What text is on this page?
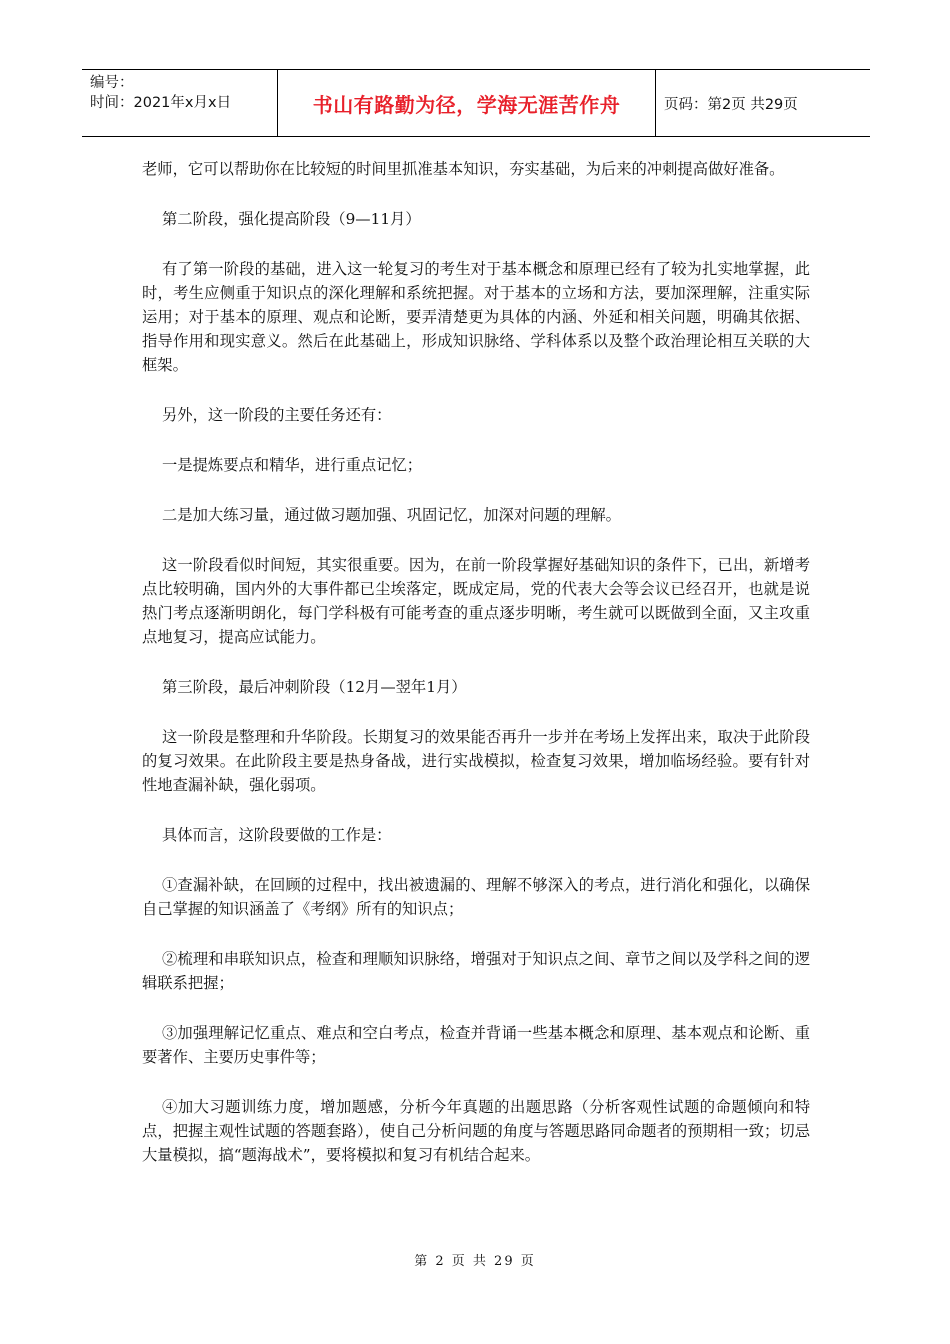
编号：
时间：2021年x月x日	书山有路勤为径，学海无涯苦作舟	页码：第2页 共29页

老师，它可以帮助你在比较短的时间里抓准基本知识，夯实基础，为后来的冲刺提高做好准备。

第二阶段，强化提高阶段（9—11月）

有了第一阶段的基础，进入这一轮复习的考生对于基本概念和原理已经有了较为扎实地掌握，此时，考生应侧重于知识点的深化理解和系统把握。对于基本的立场和方法，要加深理解，注重实际运用；对于基本的原理、观点和论断，要弄清楚更为具体的内涵、外延和相关问题，明确其依据、指导作用和现实意义。然后在此基础上，形成知识脉络、学科体系以及整个政治理论相互关联的大框架。

另外，这一阶段的主要任务还有：

一是提炼要点和精华，进行重点记忆；

二是加大练习量，通过做习题加强、巩固记忆，加深对问题的理解。

这一阶段看似时间短，其实很重要。因为，在前一阶段掌握好基础知识的条件下，已出，新增考点比较明确，国内外的大事件都已尘埃落定，既成定局，党的代表大会等会议已经召开，也就是说热门考点逐渐明朗化，每门学科极有可能考查的重点逐步明晰，考生就可以既做到全面，又主攻重点地复习，提高应试能力。

第三阶段，最后冲刺阶段（12月—翌年1月）

这一阶段是整理和升华阶段。长期复习的效果能否再升一步并在考场上发挥出来，取决于此阶段的复习效果。在此阶段主要是热身备战，进行实战模拟，检查复习效果，增加临场经验。要有针对性地查漏补缺，强化弱项。

具体而言，这阶段要做的工作是：

①查漏补缺，在回顾的过程中，找出被遗漏的、理解不够深入的考点，进行消化和强化，以确保自己掌握的知识涵盖了《考纲》所有的知识点；

②梳理和串联知识点，检查和理顺知识脉络，增强对于知识点之间、章节之间以及学科之间的逻辑联系把握；

③加强理解记忆重点、难点和空白考点，检查并背诵一些基本概念和原理、基本观点和论断、重要著作、主要历史事件等；

④加大习题训练力度，增加题感，分析今年真题的出题思路（分析客观性试题的命题倾向和特点，把握主观性试题的答题套路），使自己分析问题的角度与答题思路同命题者的预期相一致；切忌大量模拟，搞“题海战术”，要将模拟和复习有机结合起来。

第 2 页 共 29 页
